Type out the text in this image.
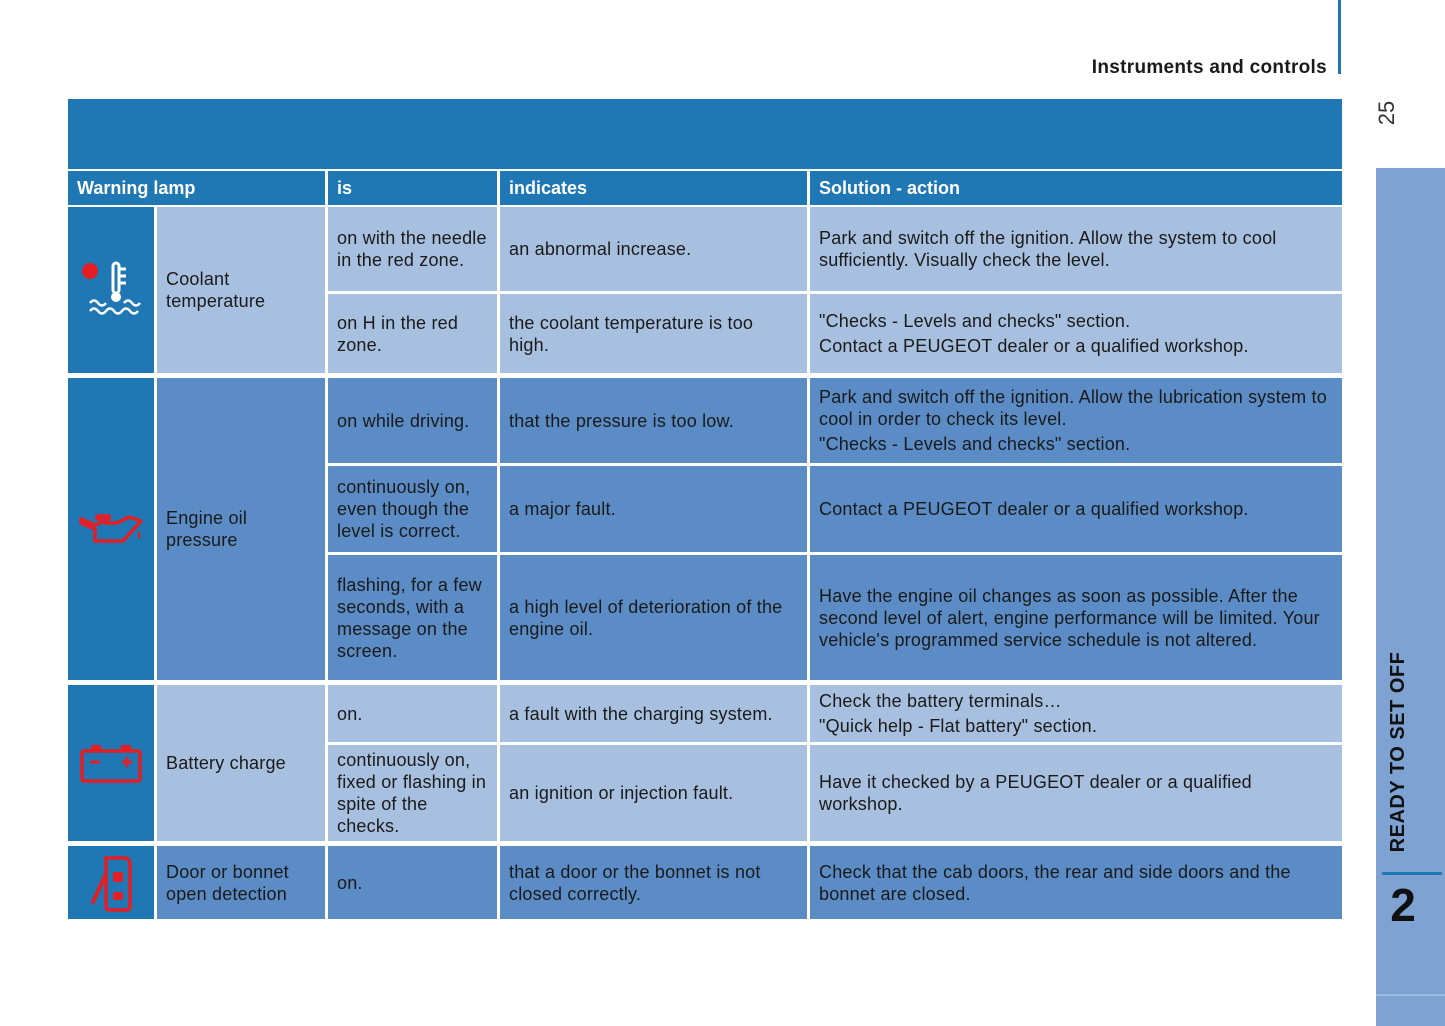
Instruments and controls
25
READY TO SET OFF
2
Warning lamp		is	indicates	Solution - action

	Coolant temperature	on with the needle in the red zone.	an abnormal increase.	Park and switch off the ignition. Allow the system to cool sufficiently. Visually check the level.

		on H in the red zone.	the coolant temperature is too high.	"Checks - Levels and checks" section.
Contact a PEUGEOT dealer or a qualified workshop.

	Engine oil pressure	on while driving.	that the pressure is too low.	Park and switch off the ignition. Allow the lubrication system to cool in order to check its level.
"Checks - Levels and checks" section.

		continuously on, even though the level is correct.	a major fault.	Contact a PEUGEOT dealer or a qualified workshop.

		flashing, for a few seconds, with a message on the screen.	a high level of deterioration of the engine oil.	Have the engine oil changes as soon as possible. After the second level of alert, engine performance will be limited. Your vehicle's programmed service schedule is not altered.

	Battery charge	on.	a fault with the charging system.	Check the battery terminals…
"Quick help - Flat battery" section.

		continuously on, fixed or flashing in spite of the checks.	an ignition or injection fault.	Have it checked by a PEUGEOT dealer or a qualified workshop.

	Door or bonnet open detection	on.	that a door or the bonnet is not closed correctly.	Check that the cab doors, the rear and side doors and the bonnet are closed.
